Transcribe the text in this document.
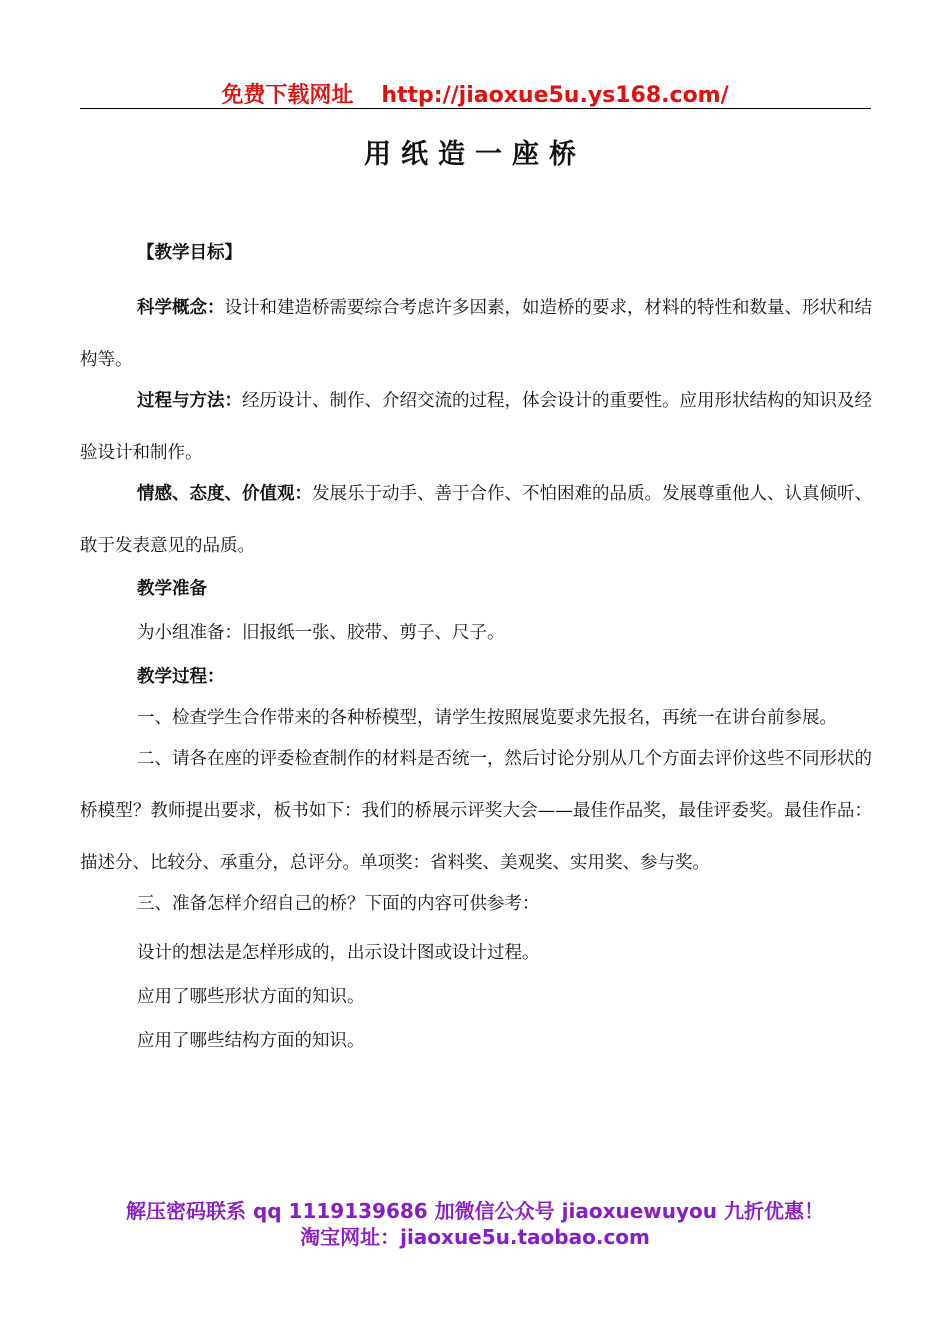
免费下载网址 http://jiaoxue5u.ys168.com/
用纸造一座桥

【教学目标】

科学概念：设计和建造桥需要综合考虑许多因素，如造桥的要求，材料的特性和数量、形状和结构等。

过程与方法：经历设计、制作、介绍交流的过程，体会设计的重要性。应用形状结构的知识及经验设计和制作。

情感、态度、价值观：发展乐于动手、善于合作、不怕困难的品质。发展尊重他人、认真倾听、敢于发表意见的品质。

教学准备

为小组准备：旧报纸一张、胶带、剪子、尺子。

教学过程：

一、检查学生合作带来的各种桥模型，请学生按照展览要求先报名，再统一在讲台前参展。

二、请各在座的评委检查制作的材料是否统一，然后讨论分别从几个方面去评价这些不同形状的桥模型？教师提出要求，板书如下：我们的桥展示评奖大会——最佳作品奖，最佳评委奖。最佳作品：描述分、比较分、承重分，总评分。单项奖：省料奖、美观奖、实用奖、参与奖。

三、准备怎样介绍自己的桥？下面的内容可供参考：

设计的想法是怎样形成的，出示设计图或设计过程。

应用了哪些形状方面的知识。

应用了哪些结构方面的知识。

解压密码联系 qq 1119139686 加微信公众号 jiaoxuewuyou 九折优惠！
淘宝网址：jiaoxue5u.taobao.com
